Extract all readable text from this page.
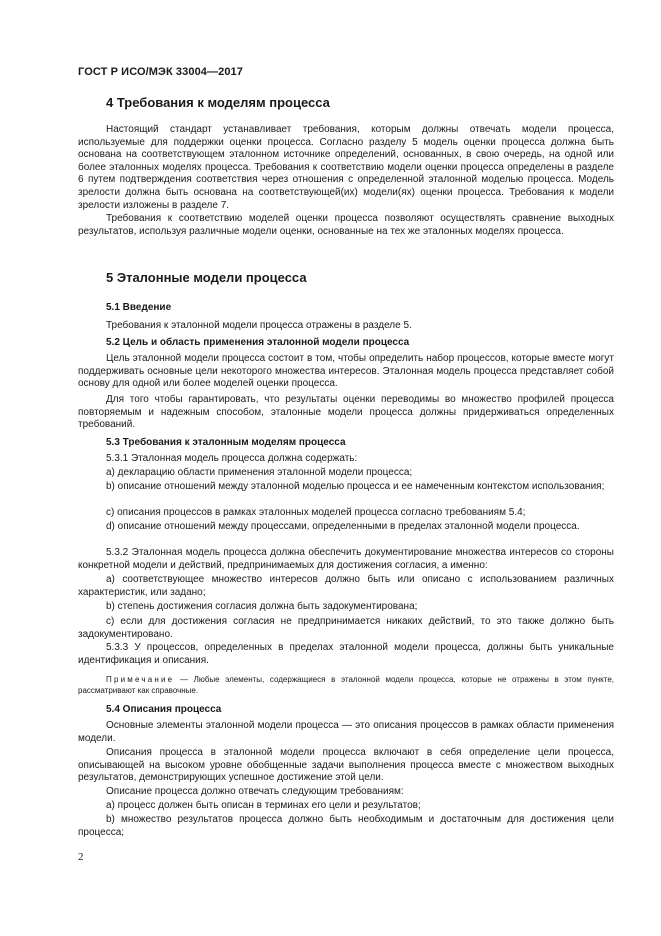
ГОСТ Р ИСО/МЭК 33004—2017
4 Требования к моделям процесса

Настоящий стандарт устанавливает требования, которым должны отвечать модели процесса, используемые для поддержки оценки процесса. Согласно разделу 5 модель оценки процесса должна быть основана на соответствующем эталонном источнике определений, основанных, в свою очередь, на одной или более эталонных моделях процесса. Требования к соответствию модели оценки процесса определены в разделе 6 путем подтверждения соответствия через отношения с определенной эталонной моделью процесса. Модель зрелости должна быть основана на соответствующей(их) модели(ях) оценки процесса. Требования к модели зрелости изложены в разделе 7.

Требования к соответствию моделей оценки процесса позволяют осуществлять сравнение выходных результатов, используя различные модели оценки, основанные на тех же эталонных моделях процесса.

5 Эталонные модели процесса
5.1 Введение
Требования к эталонной модели процесса отражены в разделе 5.
5.2 Цель и область применения эталонной модели процесса

Цель эталонной модели процесса состоит в том, чтобы определить набор процессов, которые вместе могут поддерживать основные цели некоторого множества интересов. Эталонная модель процесса представляет собой основу для одной или более моделей оценки процесса.

Для того чтобы гарантировать, что результаты оценки переводимы во множество профилей процесса повторяемым и надежным способом, эталонные модели процесса должны придерживаться определенных требований.

5.3 Требования к эталонным моделям процесса
5.3.1 Эталонная модель процесса должна содержать:
a) декларацию области применения эталонной модели процесса;

b) описание отношений между эталонной моделью процесса и ее намеченным контекстом использования;

c) описания процессов в рамках эталонных моделей процесса согласно требованиям 5.4;

d) описание отношений между процессами, определенными в пределах эталонной модели процесса.

5.3.2 Эталонная модель процесса должна обеспечить документирование множества интересов со стороны конкретной модели и действий, предпринимаемых для достижения согласия, а именно:

a) соответствующее множество интересов должно быть или описано с использованием различных характеристик, или задано;

b) степень достижения согласия должна быть задокументирована;

c) если для достижения согласия не предпринимается никаких действий, то это также должно быть задокументировано.

5.3.3 У процессов, определенных в пределах эталонной модели процесса, должны быть уникальные идентификация и описания.

Примечание — Любые элементы, содержащиеся в эталонной модели процесса, которые не отражены в этом пункте, рассматривают как справочные.
5.4 Описания процесса

Основные элементы эталонной модели процесса — это описания процессов в рамках области применения модели.

Описания процесса в эталонной модели процесса включают в себя определение цели процесса, описывающей на высоком уровне обобщенные задачи выполнения процесса вместе с множеством выходных результатов, демонстрирующих успешное достижение этой цели.

Описание процесса должно отвечать следующим требованиям:
a) процесс должен быть описан в терминах его цели и результатов;

b) множество результатов процесса должно быть необходимым и достаточным для достижения цели процесса;

2
